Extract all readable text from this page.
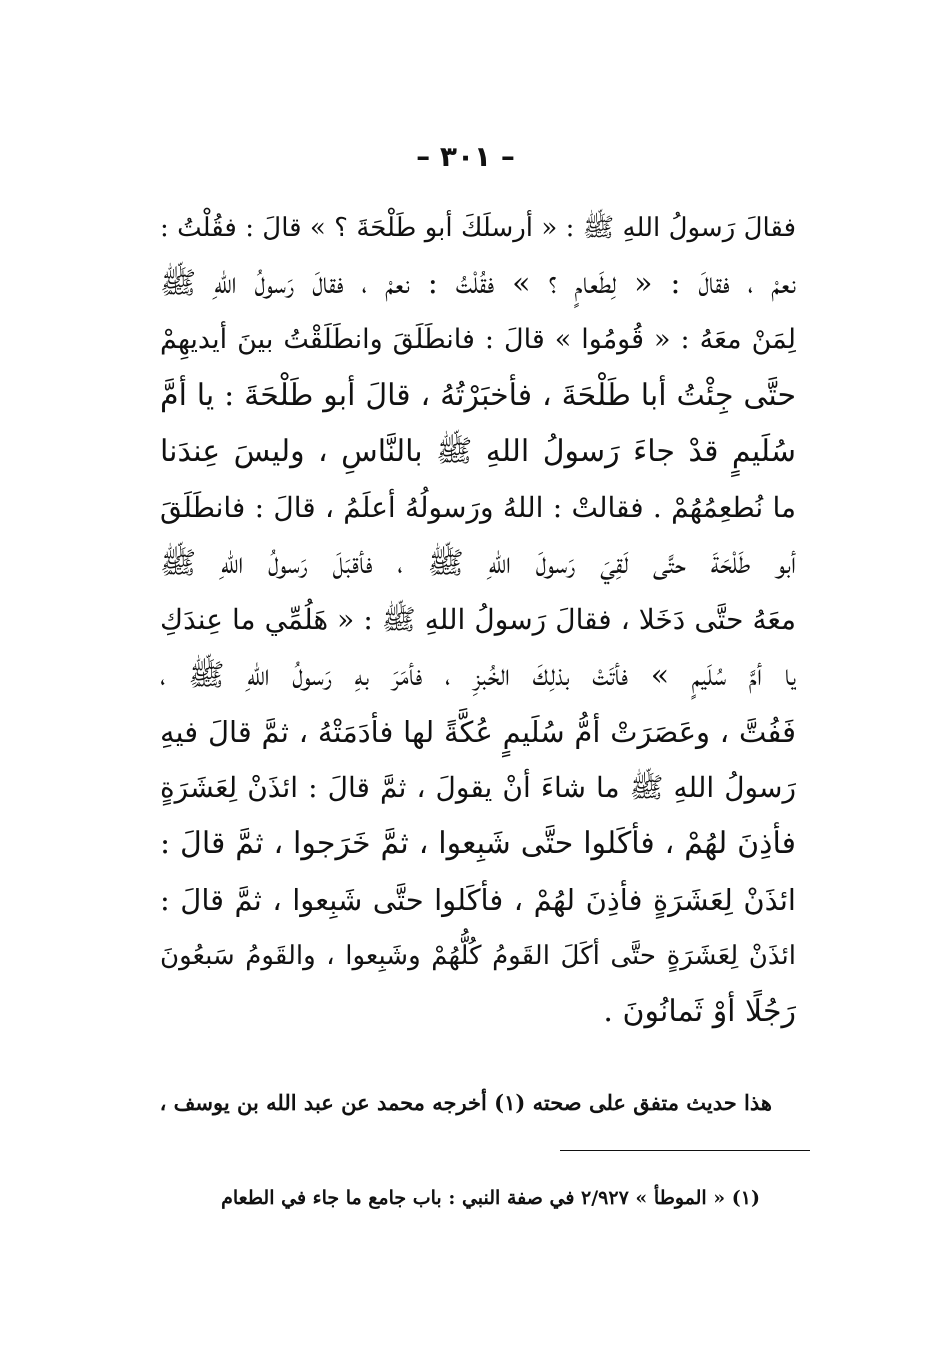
– ٣٠١ –
فقالَ رَسولُ اللهِ ﷺ : « أرسلَكَ أبو طَلْحَةَ ؟ » قالَ : فقُلْتُ :
نعمْ ، فقالَ : « لِطَعامٍ ؟ » فقُلْتُ : نعمْ ، فقالَ رَسولُ اللهِ ﷺ
لِمَنْ معَهُ : « قُومُوا » قالَ : فانطَلَقَ وانطَلَقْتُ بينَ أيديهِمْ
حتَّى جِئْتُ أبا طَلْحَةَ ، فأخبَرْتُهُ ، قالَ أبو طَلْحَةَ : يا أمَّ
سُلَيمٍ قدْ جاءَ رَسولُ اللهِ ﷺ بالنَّاسِ ، وليسَ عِندَنا
ما نُطعِمُهُمْ . فقالتْ : اللهُ ورَسولُهُ أعلَمُ ، قالَ : فانطَلَقَ
أبو طَلْحَةَ حتَّى لَقِيَ رَسولَ اللهِ ﷺ ، فأقبَلَ رَسولُ اللهِ ﷺ
معَهُ حتَّى دَخَلا ، فقالَ رَسولُ اللهِ ﷺ : « هَلُمِّي ما عِندَكِ
يا أمَّ سُلَيمٍ » فأتَتْ بذلِكَ الخُبزِ ، فأمَرَ بهِ رَسولُ اللهِ ﷺ ،
فَفُتَّ ، وعَصَرَتْ أمُّ سُلَيمٍ عُكَّةً لها فأدَمَتْهُ ، ثمَّ قالَ فيهِ
رَسولُ اللهِ ﷺ ما شاءَ أنْ يقولَ ، ثمَّ قالَ : ائذَنْ لِعَشَرَةٍ
فأذِنَ لهُمْ ، فأكَلوا حتَّى شَبِعوا ، ثمَّ خَرَجوا ، ثمَّ قالَ :
ائذَنْ لِعَشَرَةٍ فأذِنَ لهُمْ ، فأكَلوا حتَّى شَبِعوا ، ثمَّ قالَ :
ائذَنْ لِعَشَرَةٍ حتَّى أكَلَ القَومُ كُلُّهُمْ وشَبِعوا ، والقَومُ سَبعُونَ
رَجُلًا أوْ ثَمانُونَ .
هذا حديث متفق على صحته (١) أخرجه محمد عن عبد الله بن يوسف ،
(١) « الموطأ » ٢/٩٢٧ في صفة النبي : باب جامع ما جاء في الطعام
